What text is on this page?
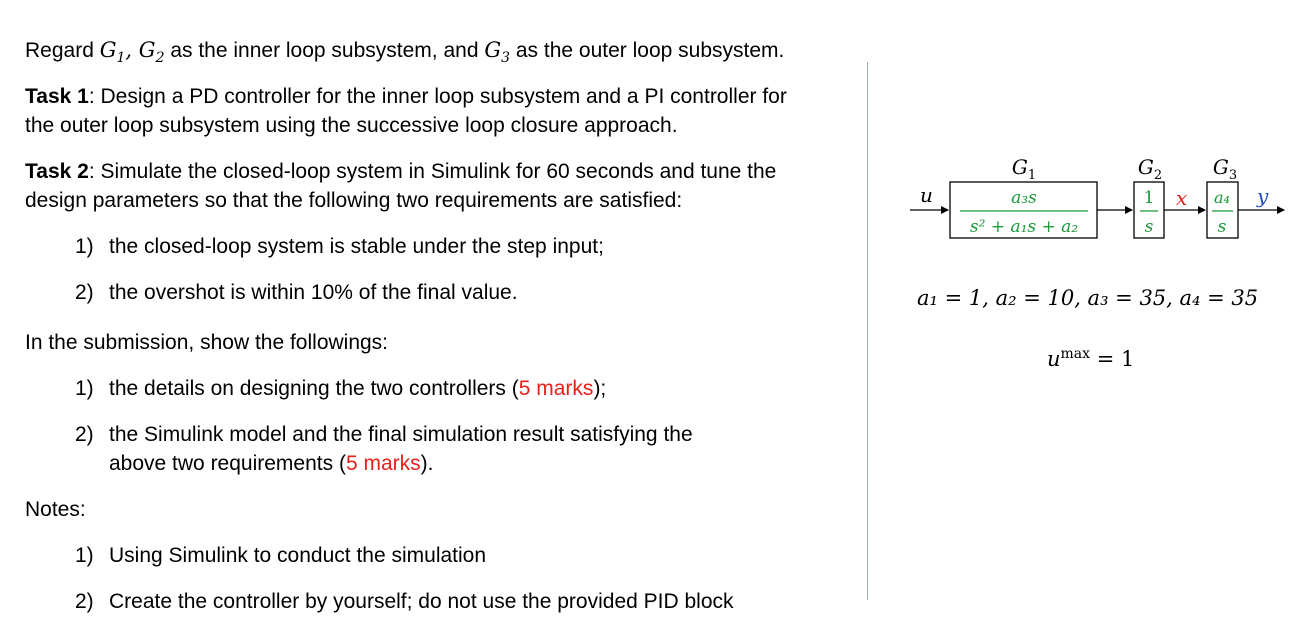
Regard $G_1$, $G_2$ as the inner loop subsystem, and $G_3$ as the outer loop subsystem.
Task 1: Design a PD controller for the inner loop subsystem and a PI controller for
the outer loop subsystem using the successive loop closure approach.
Task 2: Simulate the closed-loop system in Simulink for 60 seconds and tune the
design parameters so that the following two requirements are satisfied:
1) the closed-loop system is stable under the step input;
2) the overshot is within 10% of the final value.
In the submission, show the followings:
1) the details on designing the two controllers (5 marks);
2) the Simulink model and the final simulation result satisfying the
above two requirements (5 marks).
Notes:
1) Using Simulink to conduct the simulation
2) Create the controller by yourself; do not use the provided PID block
u	x	y
$G_1$
a₃s
s² + a₁s + a₂
$G_2$
1
s
$G_3$
a₄
s
a₁ = 1, a₂ = 10, a₃ = 35, a₄ = 35
$u^{max} = 1$
